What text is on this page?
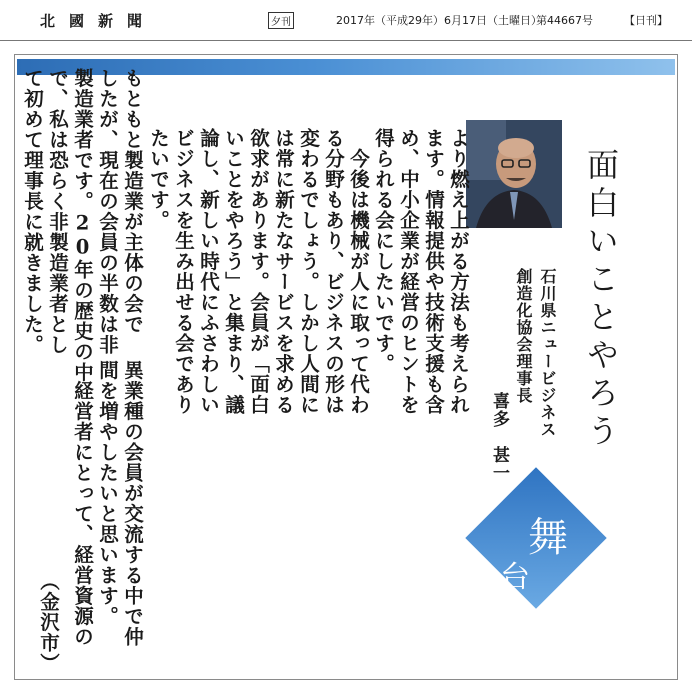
北國新聞	夕刊	2017年（平成29年）6月17日（土曜日）
第44667号	【日刊】
面白いことやろう
石川県ニュービジネス
創造化協会理事長
喜多　甚一
舞
台
より燃え上がる方法も考えられ
ます。情報提供や技術支援も含
め、中小企業が経営のヒントを
得られる会にしたいです。
　今後は機械が人に取って代わ
る分野もあり、ビジネスの形は
変わるでしょう。しかし人間に
は常に新たなサービスを求める
欲求があります。会員が「面白
いことをやろう」と集まり、議
論し、新しい時代にふさわしい
ビジネスを生み出せる会であり
たいです。
　（金沢市）
もともと製造業が主体の会で
したが、現在の会員の半数は非
製造業者です。20年の歴史の中
で、私は恐らく非製造業者とし
て初めて理事長に就きました。
異業種の会員が交流する中で仲
間を増やしたいと思います。
　経営者にとって、経営資源の
